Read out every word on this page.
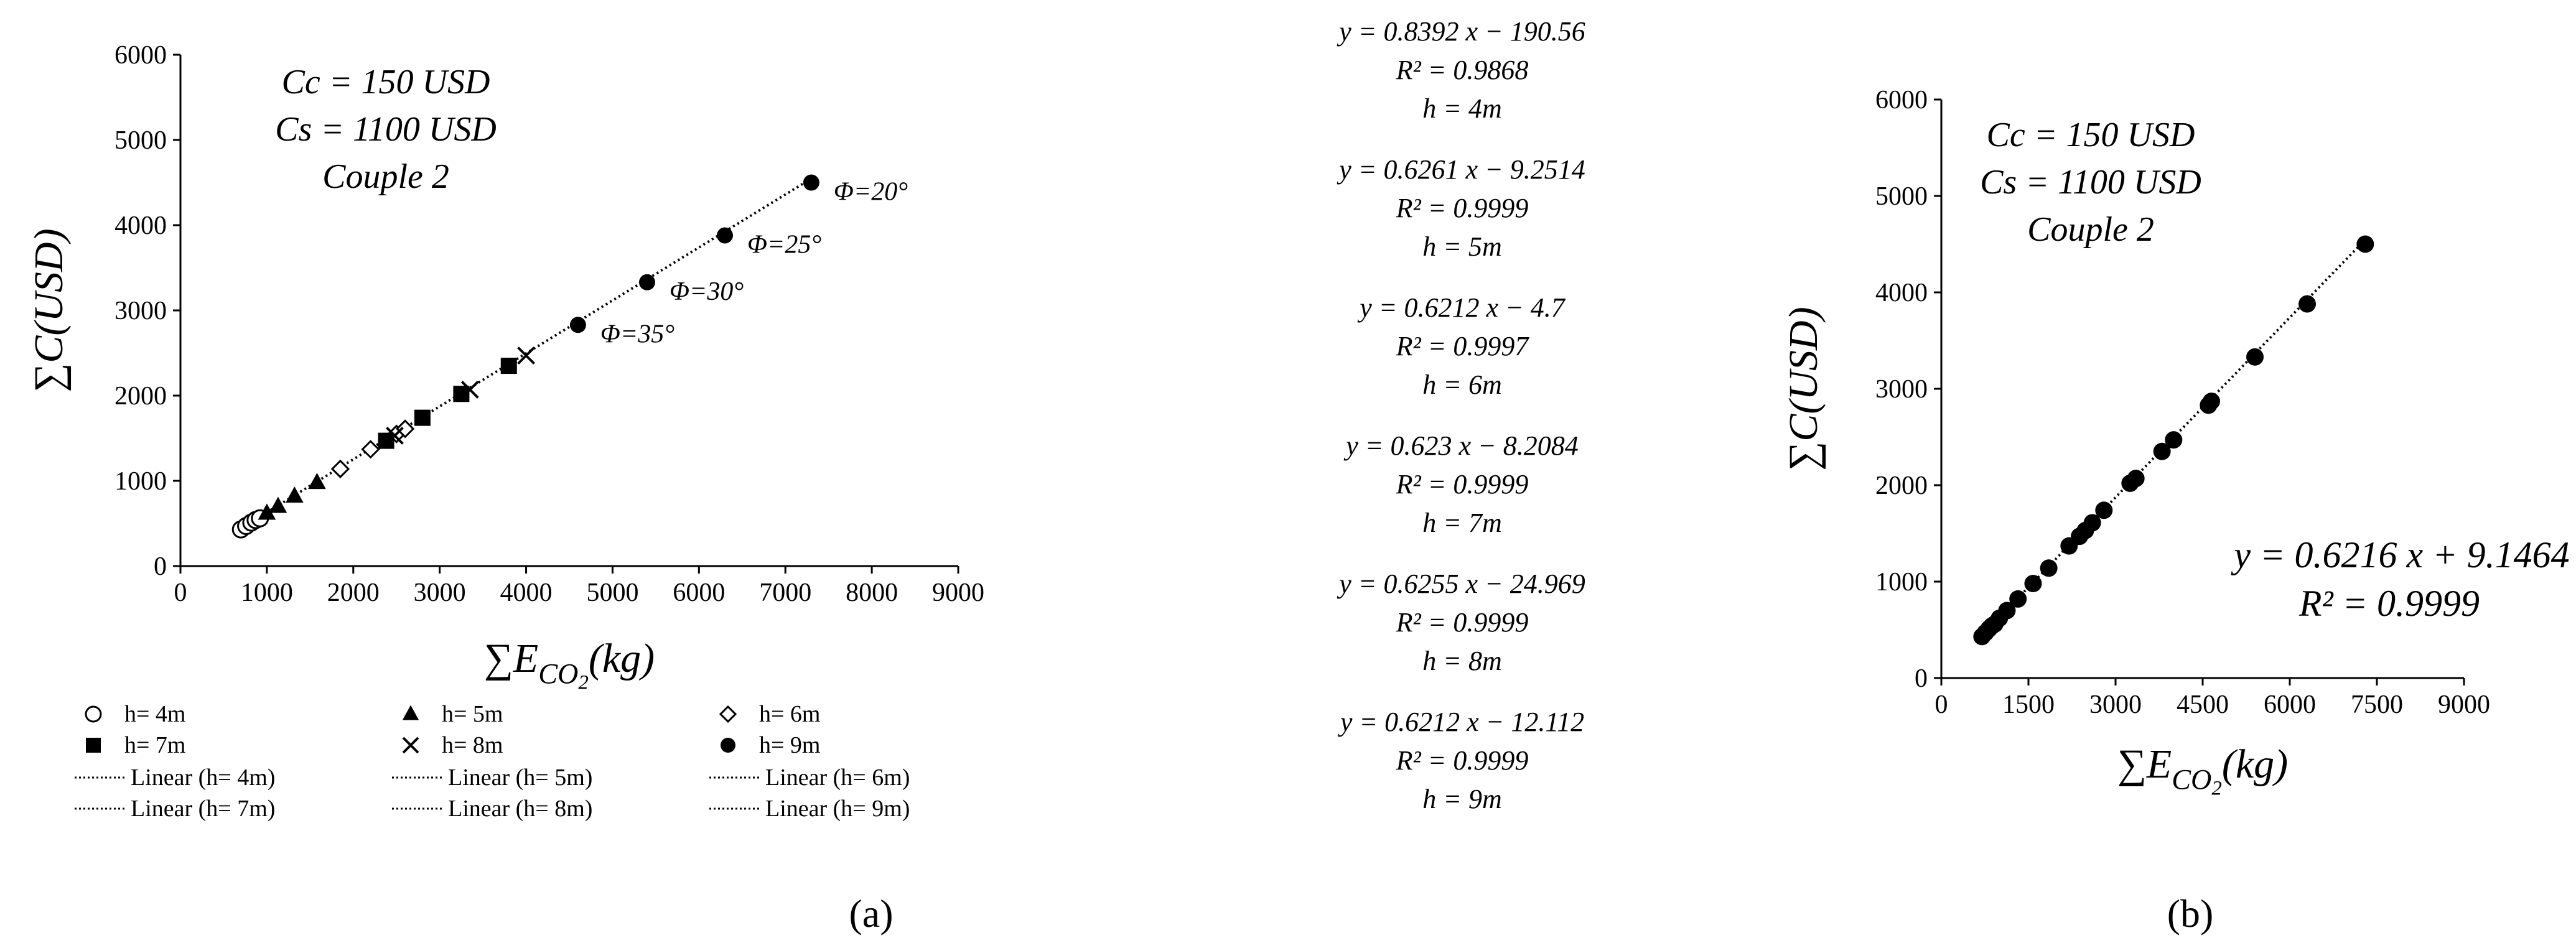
0 1000 2000 3000 4000 5000 6000 7000 8000 9000
0
1000
2000
3000
4000
5000
6000
∑C(USD)
$\sum E_{CO}2(kg)$
Cc = 150 USD
Cs = 1100 USD
Couple 2
(a)
Φ=20°
Φ=25°
Φ=30°
Φ=35°
h= 4m	h= 5m	h= 6m
h= 7m	h= 8m	h= 9m
Linear (h= 4m)	Linear (h= 5m)	Linear (h= 6m)
Linear (h= 7m)	Linear (h= 8m)	Linear (h= 9m)
y = 0.8392 x − 190.56
R² = 0.9868
h = 4m
y = 0.6261 x − 9.2514
R² = 0.9999
h = 5m
y = 0.6212 x − 4.7
R² = 0.9997
h = 6m
y = 0.623 x − 8.2084
R² = 0.9999
h = 7m
y = 0.6255 x − 24.969
R² = 0.9999
h = 8m
y = 0.6212 x − 12.112
R² = 0.9999
h = 9m
0 1500 3000 4500 6000 7500 9000
0
1000
2000
3000
4000
5000
6000
∑C(USD)
$\sum E_{CO}2(kg)$
Cc = 150 USD
Cs = 1100 USD
Couple 2
(b)
y = 0.6216 x + 9.1464
R² = 0.9999
